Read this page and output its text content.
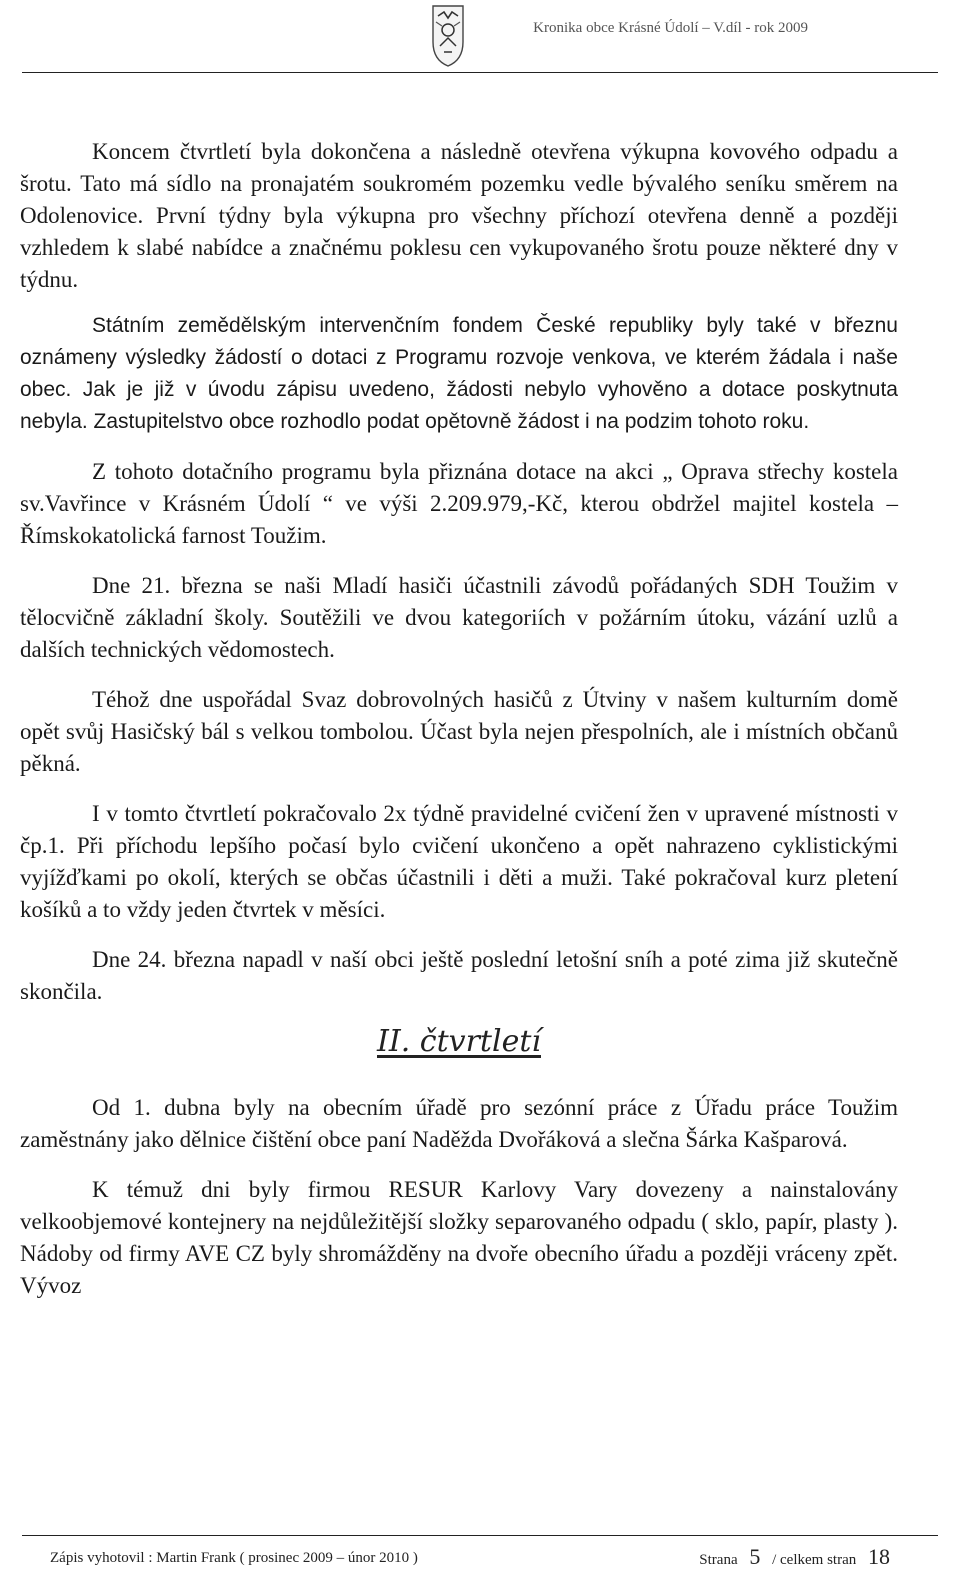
Kronika obce Krásné Údolí – V.díl - rok 2009

Koncem čtvrtletí byla dokončena a následně otevřena výkupna kovového odpadu a šrotu. Tato má sídlo na pronajatém soukromém pozemku vedle bývalého seníku směrem na Odolenovice. První týdny byla výkupna pro všechny příchozí otevřena denně a později vzhledem k slabé nabídce a značnému poklesu cen vykupovaného šrotu pouze některé dny v týdnu.

Státním zemědělským intervenčním fondem České republiky byly také v březnu oznámeny výsledky žádostí o dotaci z Programu rozvoje venkova, ve kterém žádala i naše obec. Jak je již v úvodu zápisu uvedeno, žádosti nebylo vyhověno a dotace poskytnuta nebyla. Zastupitelstvo obce rozhodlo podat opětovně žádost i na podzim tohoto roku.

Z tohoto dotačního programu byla přiznána dotace na akci „ Oprava střechy kostela sv.Vavřince v Krásném Údolí “ ve výši 2.209.979,-Kč, kterou obdržel majitel kostela – Římskokatolická farnost Toužim.

Dne 21. března se naši Mladí hasiči účastnili závodů pořádaných SDH Toužim v tělocvičně základní školy. Soutěžili ve dvou kategoriích v požárním útoku, vázání uzlů a dalších technických vědomostech.

Téhož dne uspořádal Svaz dobrovolných hasičů z Útviny v našem kulturním domě opět svůj Hasičský bál s velkou tombolou. Účast byla nejen přespolních, ale i místních občanů pěkná.

I v tomto čtvrtletí pokračovalo 2x týdně pravidelné cvičení žen v upravené místnosti v čp.1. Při příchodu lepšího počasí bylo cvičení ukončeno a opět nahrazeno cyklistickými vyjížďkami po okolí, kterých se občas účastnili i děti a muži. Také pokračoval kurz pletení košíků a to vždy jeden čtvrtek v měsíci.

Dne 24. března napadl v naší obci ještě poslední letošní sníh a poté zima již skutečně skončila.

II. čtvrtletí

Od 1. dubna byly na obecním úřadě pro sezónní práce z Úřadu práce Toužim zaměstnány jako dělnice čištění obce paní Naděžda Dvořáková a slečna Šárka Kašparová.

K témuž dni byly firmou RESUR Karlovy Vary dovezeny a nainstalovány velkoobjemové kontejnery na nejdůležitější složky separovaného odpadu ( sklo, papír, plasty ). Nádoby od firmy AVE CZ byly shromážděny na dvoře obecního úřadu a později vráceny zpět. Vývoz

Zápis vyhotovil : Martin Frank ( prosinec 2009 – únor 2010 )	Strana 5 / celkem stran 18
